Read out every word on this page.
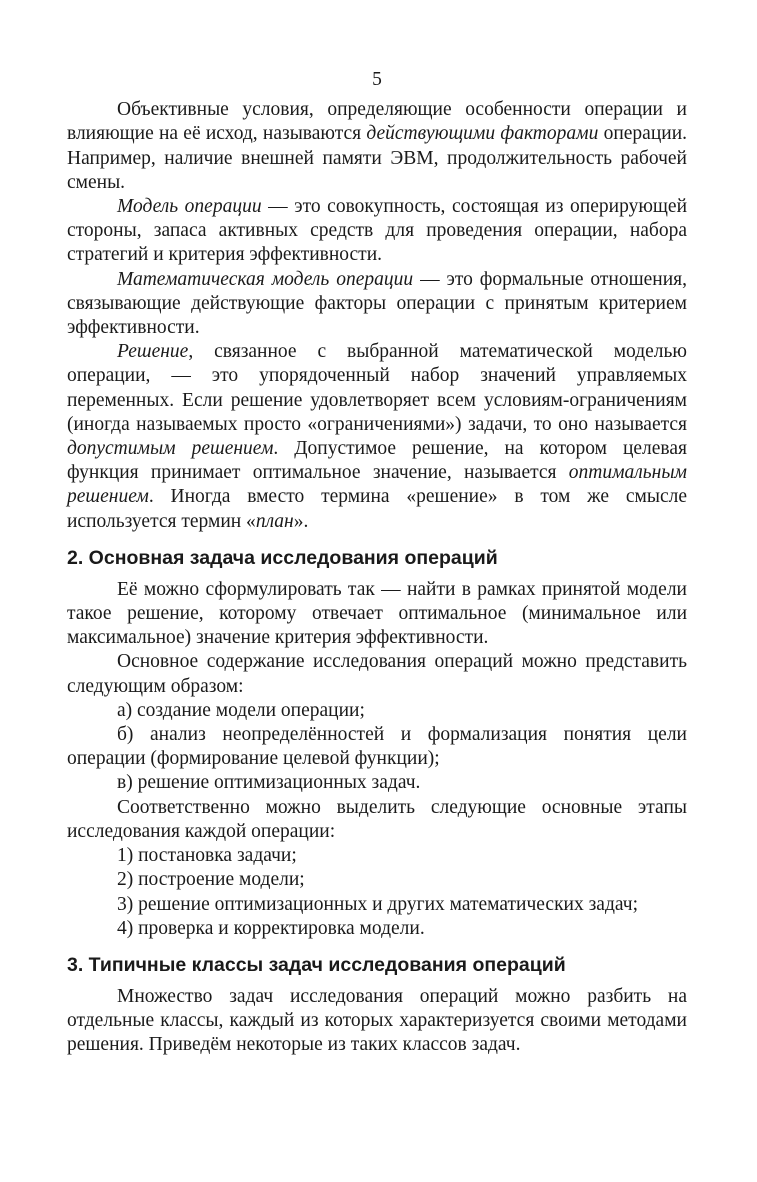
5

Объективные условия, определяющие особенности операции и влияющие на её исход, называются действующими факторами операции. Например, наличие внешней памяти ЭВМ, продолжительность рабочей смены.

Модель операции — это совокупность, состоящая из оперирующей стороны, запаса активных средств для проведения операции, набора стратегий и критерия эффективности.

Математическая модель операции — это формальные отношения, связывающие действующие факторы операции с принятым критерием эффективности.

Решение, связанное с выбранной математической моделью операции, — это упорядоченный набор значений управляемых переменных. Если решение удовлетворяет всем условиям-ограничениям (иногда называемых просто «ограничениями») задачи, то оно называется допустимым решением. Допустимое решение, на котором целевая функция принимает оптимальное значение, называется оптимальным решением. Иногда вместо термина «решение» в том же смысле используется термин «план».

2. Основная задача исследования операций

Её можно сформулировать так — найти в рамках принятой модели такое решение, которому отвечает оптимальное (минимальное или максимальное) значение критерия эффективности.

Основное содержание исследования операций можно представить следующим образом:

а) создание модели операции;

б) анализ неопределённостей и формализация понятия цели операции (формирование целевой функции);

в) решение оптимизационных задач.

Соответственно можно выделить следующие основные этапы исследования каждой операции:

1) постановка задачи;

2) построение модели;

3) решение оптимизационных и других математических задач;

4) проверка и корректировка модели.

3. Типичные классы задач исследования операций

Множество задач исследования операций можно разбить на отдельные классы, каждый из которых характеризуется своими методами решения. Приведём некоторые из таких классов задач.
